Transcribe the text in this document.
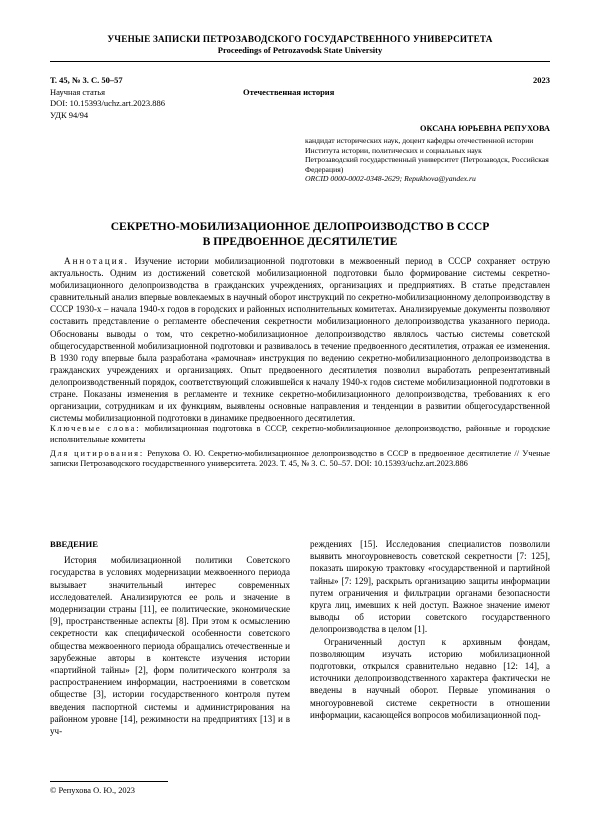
УЧЕНЫЕ ЗАПИСКИ ПЕТРОЗАВОДСКОГО ГОСУДАРСТВЕННОГО УНИВЕРСИТЕТА
Proceedings of Petrozavodsk State University
Т. 45, № 3. С. 50–57
Научная статья
DOI: 10.15393/uchz.art.2023.886
УДК 94/94
Отечественная история
2023
ОКСАНА ЮРЬЕВНА РЕПУХОВА
кандидат исторических наук, доцент кафедры отечественной истории Института истории, политических и социальных наук
Петрозаводский государственный университет (Петрозаводск, Российская Федерация)
ORCID 0000-0002-0348-2629; Repukhova@yandex.ru
СЕКРЕТНО-МОБИЛИЗАЦИОННОЕ ДЕЛОПРОИЗВОДСТВО В СССР
В ПРЕДВОЕННОЕ ДЕСЯТИЛЕТИЕ

Аннотация. Изучение истории мобилизационной подготовки в межвоенный период в СССР сохраняет острую актуальность. Одним из достижений советской мобилизационной подготовки было формирование системы секретно-мобилизационного делопроизводства в гражданских учреждениях, организациях и предприятиях. В статье представлен сравнительный анализ впервые вовлекаемых в научный оборот инструкций по секретно-мобилизационному делопроизводству в СССР 1930-х – начала 1940-х годов в городских и районных исполнительных комитетах. Анализируемые документы позволяют составить представление о регламенте обеспечения секретности мобилизационного делопроизводства указанного периода. Обоснованы выводы о том, что секретно-мобилизационное делопроизводство являлось частью системы советской общегосударственной мобилизационной подготовки и развивалось в течение предвоенного десятилетия, отражая ее изменения. В 1930 году впервые была разработана «рамочная» инструкция по ведению секретно-мобилизационного делопроизводства в гражданских учреждениях и организациях. Опыт предвоенного десятилетия позволил выработать репрезентативный делопроизводственный порядок, соответствующий сложившейся к началу 1940-х годов системе мобилизационной подготовки в стране. Показаны изменения в регламенте и технике секретно-мобилизационного делопроизводства, требованиях к его организации, сотрудникам и их функциям, выявлены основные направления и тенденции в развитии общегосударственной системы мобилизационной подготовки в динамике предвоенного десятилетия.

Ключевые слова: мобилизационная подготовка в СССР, секретно-мобилизационное делопроизводство, районные и городские исполнительные комитеты
Для цитирования: Репухова О. Ю. Секретно-мобилизационное делопроизводство в СССР в предвоенное десятилетие // Ученые записки Петрозаводского государственного университета. 2023. Т. 45, № 3. С. 50–57. DOI: 10.15393/uchz.art.2023.886
ВВЕДЕНИЕ

История мобилизационной политики Советского государства в условиях модернизации межвоенного периода вызывает значительный интерес современных исследователей. Анализируются ее роль и значение в модернизации страны [11], ее политические, экономические [9], пространственные аспекты [8]. При этом к осмыслению секретности как специфической особенности советского общества межвоенного периода обращались отечественные и зарубежные авторы в контексте изучения истории «партийной тайны» [2], форм политического контроля за распространением информации, настроениями в советском обществе [3], истории государственного контроля путем введения паспортной системы и администрирования на районном уровне [14], режимности на предприятиях [13] и в уч-

реждениях [15]. Исследования специалистов позволили выявить многоуровневость советской секретности [7: 125], показать широкую трактовку «государственной и партийной тайны» [7: 129], раскрыть организацию защиты информации путем ограничения и фильтрации органами безопасности круга лиц, имевших к ней доступ. Важное значение имеют выводы об истории советского государственного делопроизводства в целом [1].

Ограниченный доступ к архивным фондам, позволяющим изучать историю мобилизационной подготовки, открылся сравнительно недавно [12: 14], а источники делопроизводственного характера фактически не введены в научный оборот. Первые упоминания о многоуровневой системе секретности в отношении информации, касающейся вопросов мобилизационной под-

© Репухова О. Ю., 2023
